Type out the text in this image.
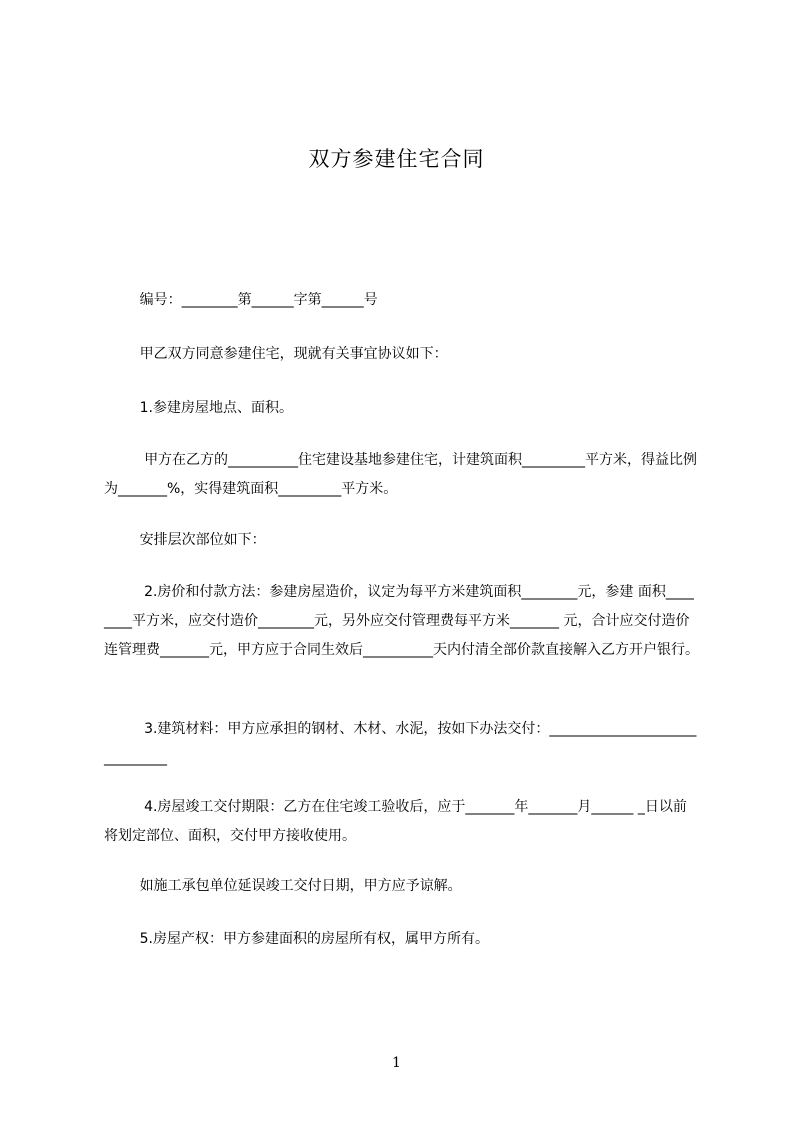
双方参建住宅合同
编号：________第______字第______号
甲乙双方同意参建住宅，现就有关事宜协议如下：
1.参建房屋地点、面积。
甲方在乙方的__________住宅建设基地参建住宅，计建筑面积_________平方米，得益比例为_______%，实得建筑面积_________平方米。
安排层次部位如下：
2.房价和付款方法：参建房屋造价，议定为每平方米建筑面积________元，参建 面积________平方米，应交付造价________元，另外应交付管理费每平方米_______ 元，合计应交付造价连管理费_______元，甲方应于合同生效后__________天内付清全部价款直接解入乙方开户银行。
3.建筑材料：甲方应承担的钢材、木材、水泥，按如下办法交付：______________________________
4.房屋竣工交付期限：乙方在住宅竣工验收后，应于_______年_______月______ _日以前将划定部位、面积，交付甲方接收使用。
如施工承包单位延误竣工交付日期，甲方应予谅解。
5.房屋产权：甲方参建面积的房屋所有权，属甲方所有。
1
